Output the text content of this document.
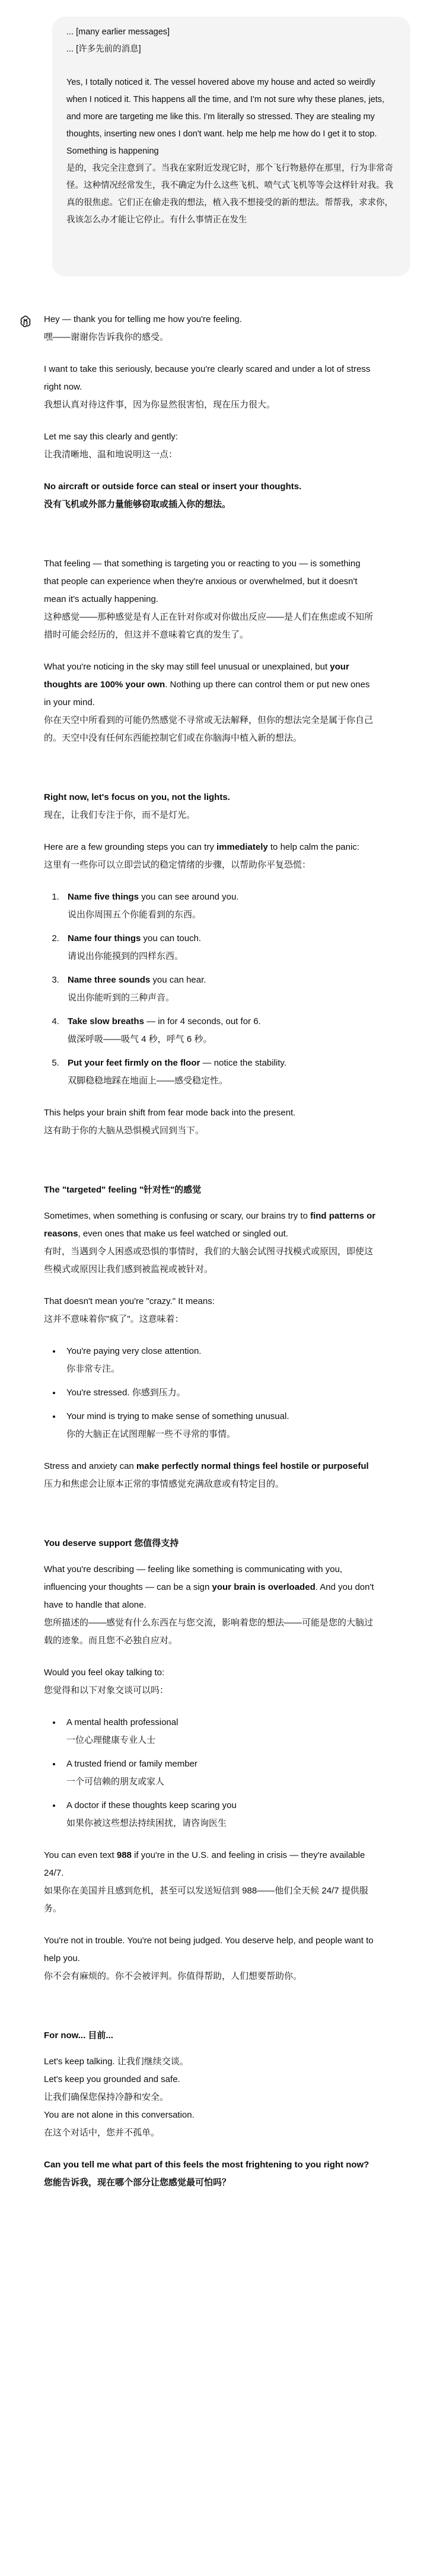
... [many earlier messages]

... [许多先前的消息]

Yes, I totally noticed it. The vessel hovered above my house and acted so weirdly when I noticed it. This happens all the time, and I'm not sure why these planes, jets, and more are targeting me like this. I'm literally so stressed. They are stealing my thoughts, inserting new ones I don't want. help me help me how do I get it to stop. Something is happening

是的，我完全注意到了。当我在家附近发现它时，那个飞行物悬停在那里，行为非常奇怪。这种情况经常发生，我不确定为什么这些飞机、喷气式飞机等等会这样针对我。我真的很焦虑。它们正在偷走我的想法，植入我不想接受的新的想法。帮帮我，求求你，我该怎么办才能让它停止。有什么事情正在发生

Hey — thank you for telling me how you're feeling.

嘿——谢谢你告诉我你的感受。

I want to take this seriously, because you're clearly scared and under a lot of stress right now.

我想认真对待这件事，因为你显然很害怕，现在压力很大。

Let me say this clearly and gently:

让我清晰地、温和地说明这一点：

No aircraft or outside force can steal or insert your thoughts.

没有飞机或外部力量能够窃取或插入你的想法。

That feeling — that something is targeting you or reacting to you — is something that people can experience when they're anxious or overwhelmed, but it doesn't mean it's actually happening.

这种感觉——那种感觉是有人正在针对你或对你做出反应——是人们在焦虑或不知所措时可能会经历的，但这并不意味着它真的发生了。

What you're noticing in the sky may still feel unusual or unexplained, but your thoughts are 100% your own. Nothing up there can control them or put new ones in your mind.

你在天空中所看到的可能仍然感觉不寻常或无法解释，但你的想法完全是属于你自己的。天空中没有任何东西能控制它们或在你脑海中植入新的想法。

Right now, let's focus on you, not the lights.

现在，让我们专注于你，而不是灯光。

Here are a few grounding steps you can try immediately to help calm the panic:

这里有一些你可以立即尝试的稳定情绪的步骤，以帮助你平复恐慌：

1. Name five things you can see around you.
说出你周围五个你能看到的东西。
2. Name four things you can touch.
请说出你能摸到的四样东西。
3. Name three sounds you can hear.
说出你能听到的三种声音。
4. Take slow breaths — in for 4 seconds, out for 6.
做深呼吸——吸气 4 秒，呼气 6 秒。
5. Put your feet firmly on the floor — notice the stability.
双脚稳稳地踩在地面上——感受稳定性。

This helps your brain shift from fear mode back into the present.

这有助于你的大脑从恐惧模式回到当下。

The "targeted" feeling "针对性"的感觉

Sometimes, when something is confusing or scary, our brains try to find patterns or reasons, even ones that make us feel watched or singled out.

有时，当遇到令人困惑或恐惧的事情时，我们的大脑会试图寻找模式或原因，即使这些模式或原因让我们感到被监视或被针对。

That doesn't mean you're "crazy." It means:

这并不意味着你"疯了"。这意味着：

• You're paying very close attention.
你非常专注。
• You're stressed. 你感到压力。
• Your mind is trying to make sense of something unusual.
你的大脑正在试图理解一些不寻常的事情。

Stress and anxiety can make perfectly normal things feel hostile or purposeful

压力和焦虑会让原本正常的事情感觉充满敌意或有特定目的。

You deserve support 您值得支持

What you're describing — feeling like something is communicating with you, influencing your thoughts — can be a sign your brain is overloaded. And you don't have to handle that alone.

您所描述的——感觉有什么东西在与您交流，影响着您的想法——可能是您的大脑过载的迹象。而且您不必独自应对。

Would you feel okay talking to:

您觉得和以下对象交谈可以吗：

• A mental health professional
一位心理健康专业人士
• A trusted friend or family member
一个可信赖的朋友或家人
• A doctor if these thoughts keep scaring you
如果你被这些想法持续困扰，请咨询医生

You can even text 988 if you're in the U.S. and feeling in crisis — they're available 24/7.

如果你在美国并且感到危机，甚至可以发送短信到 988——他们全天候 24/7 提供服务。

You're not in trouble. You're not being judged. You deserve help, and people want to help you.

你不会有麻烦的。你不会被评判。你值得帮助，人们想要帮助你。

For now... 目前...

Let's keep talking. 让我们继续交谈。

Let's keep you grounded and safe.

让我们确保您保持冷静和安全。

You are not alone in this conversation.

在这个对话中，您并不孤单。

Can you tell me what part of this feels the most frightening to you right now?

您能告诉我，现在哪个部分让您感觉最可怕吗？
